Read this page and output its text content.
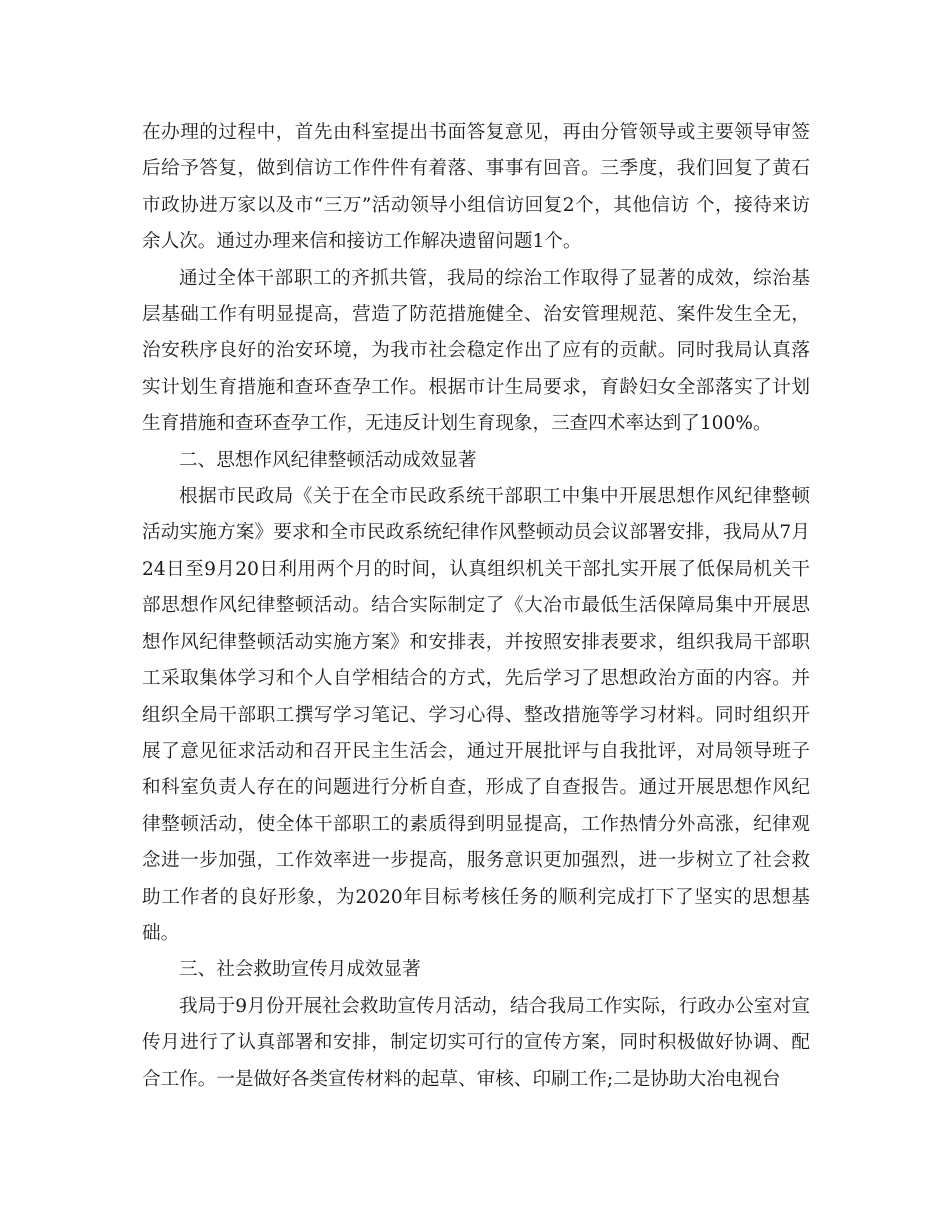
在办理的过程中，首先由科室提出书面答复意见，再由分管领导或主要领导审签后给予答复，做到信访工作件件有着落、事事有回音。三季度，我们回复了黄石市政协进万家以及市“三万”活动领导小组信访回复2个，其他信访 个，接待来访 余人次。通过办理来信和接访工作解决遗留问题1个。

通过全体干部职工的齐抓共管，我局的综治工作取得了显著的成效，综治基层基础工作有明显提高，营造了防范措施健全、治安管理规范、案件发生全无，治安秩序良好的治安环境，为我市社会稳定作出了应有的贡献。同时我局认真落实计划生育措施和查环查孕工作。根据市计生局要求，育龄妇女全部落实了计划生育措施和查环查孕工作，无违反计划生育现象，三查四术率达到了100%。

二、思想作风纪律整顿活动成效显著

根据市民政局《关于在全市民政系统干部职工中集中开展思想作风纪律整顿活动实施方案》要求和全市民政系统纪律作风整顿动员会议部署安排，我局从7月24日至9月20日利用两个月的时间，认真组织机关干部扎实开展了低保局机关干部思想作风纪律整顿活动。结合实际制定了《大冶市最低生活保障局集中开展思想作风纪律整顿活动实施方案》和安排表，并按照安排表要求，组织我局干部职工采取集体学习和个人自学相结合的方式，先后学习了思想政治方面的内容。并组织全局干部职工撰写学习笔记、学习心得、整改措施等学习材料。同时组织开展了意见征求活动和召开民主生活会，通过开展批评与自我批评，对局领导班子和科室负责人存在的问题进行分析自查，形成了自查报告。通过开展思想作风纪律整顿活动，使全体干部职工的素质得到明显提高，工作热情分外高涨，纪律观念进一步加强，工作效率进一步提高，服务意识更加强烈，进一步树立了社会救助工作者的良好形象，为2020年目标考核任务的顺利完成打下了坚实的思想基础。

三、社会救助宣传月成效显著

我局于9月份开展社会救助宣传月活动，结合我局工作实际，行政办公室对宣传月进行了认真部署和安排，制定切实可行的宣传方案，同时积极做好协调、配合工作。一是做好各类宣传材料的起草、审核、印刷工作;二是协助大冶电视台
